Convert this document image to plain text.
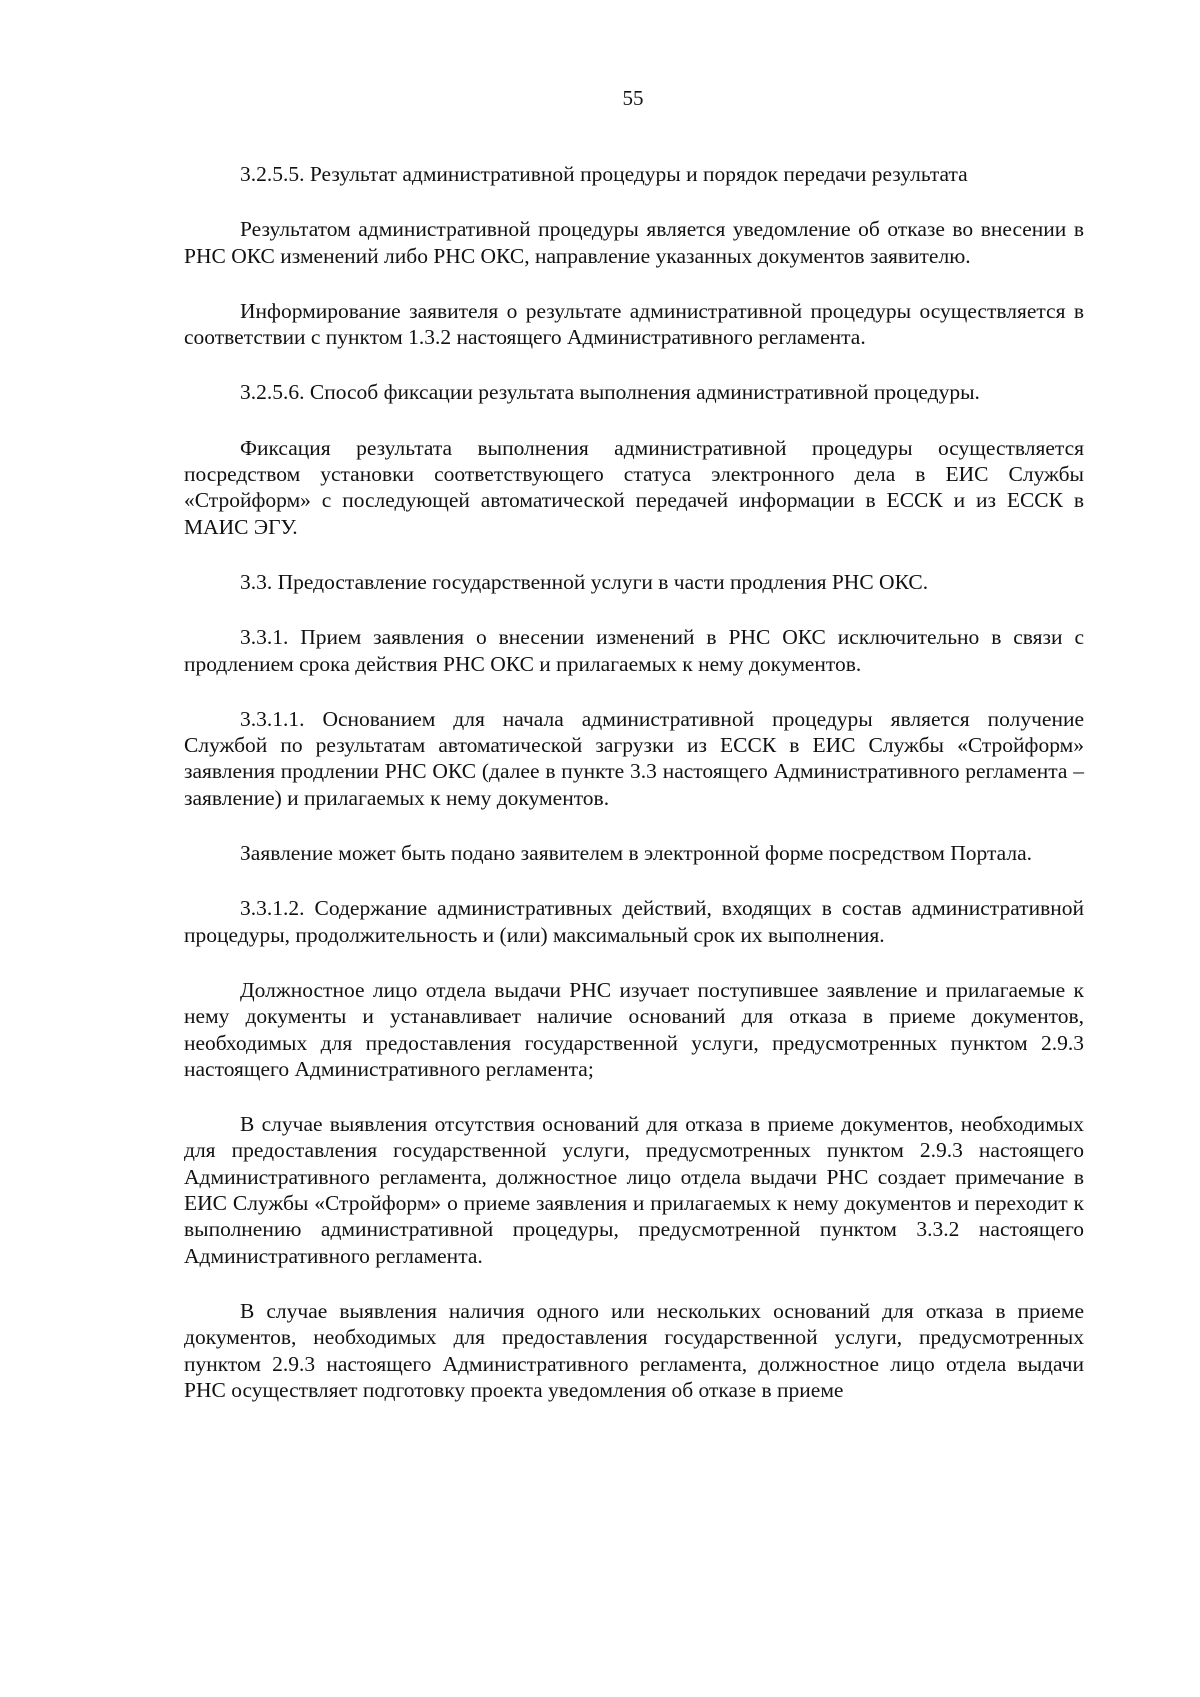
55

3.2.5.5. Результат административной процедуры и порядок передачи результата

Результатом административной процедуры является уведомление об отказе во внесении в РНС ОКС изменений либо РНС ОКС, направление указанных документов заявителю.

Информирование заявителя о результате административной процедуры осуществляется в соответствии с пунктом 1.3.2 настоящего Административного регламента.

3.2.5.6. Способ фиксации результата выполнения административной процедуры.

Фиксация результата выполнения административной процедуры осуществляется посредством установки соответствующего статуса электронного дела в ЕИС Службы «Стройформ» с последующей автоматической передачей информации в ЕССК и из ЕССК в МАИС ЭГУ.

3.3. Предоставление государственной услуги в части продления РНС ОКС.

3.3.1. Прием заявления о внесении изменений в РНС ОКС исключительно в связи с продлением срока действия РНС ОКС и прилагаемых к нему документов.

3.3.1.1. Основанием для начала административной процедуры является получение Службой по результатам автоматической загрузки из ЕССК в ЕИС Службы «Стройформ» заявления продлении РНС ОКС (далее в пункте 3.3 настоящего Административного регламента – заявление) и прилагаемых к нему документов.

Заявление может быть подано заявителем в электронной форме посредством Портала.

3.3.1.2. Содержание административных действий, входящих в состав административной процедуры, продолжительность и (или) максимальный срок их выполнения.

Должностное лицо отдела выдачи РНС изучает поступившее заявление и прилагаемые к нему документы и устанавливает наличие оснований для отказа в приеме документов, необходимых для предоставления государственной услуги, предусмотренных пунктом 2.9.3 настоящего Административного регламента;

В случае выявления отсутствия оснований для отказа в приеме документов, необходимых для предоставления государственной услуги, предусмотренных пунктом 2.9.3 настоящего Административного регламента, должностное лицо отдела выдачи РНС создает примечание в ЕИС Службы «Стройформ» о приеме заявления и прилагаемых к нему документов и переходит к выполнению административной процедуры, предусмотренной пунктом 3.3.2 настоящего Административного регламента.

В случае выявления наличия одного или нескольких оснований для отказа в приеме документов, необходимых для предоставления государственной услуги, предусмотренных пунктом 2.9.3 настоящего Административного регламента, должностное лицо отдела выдачи РНС осуществляет подготовку проекта уведомления об отказе в приеме
